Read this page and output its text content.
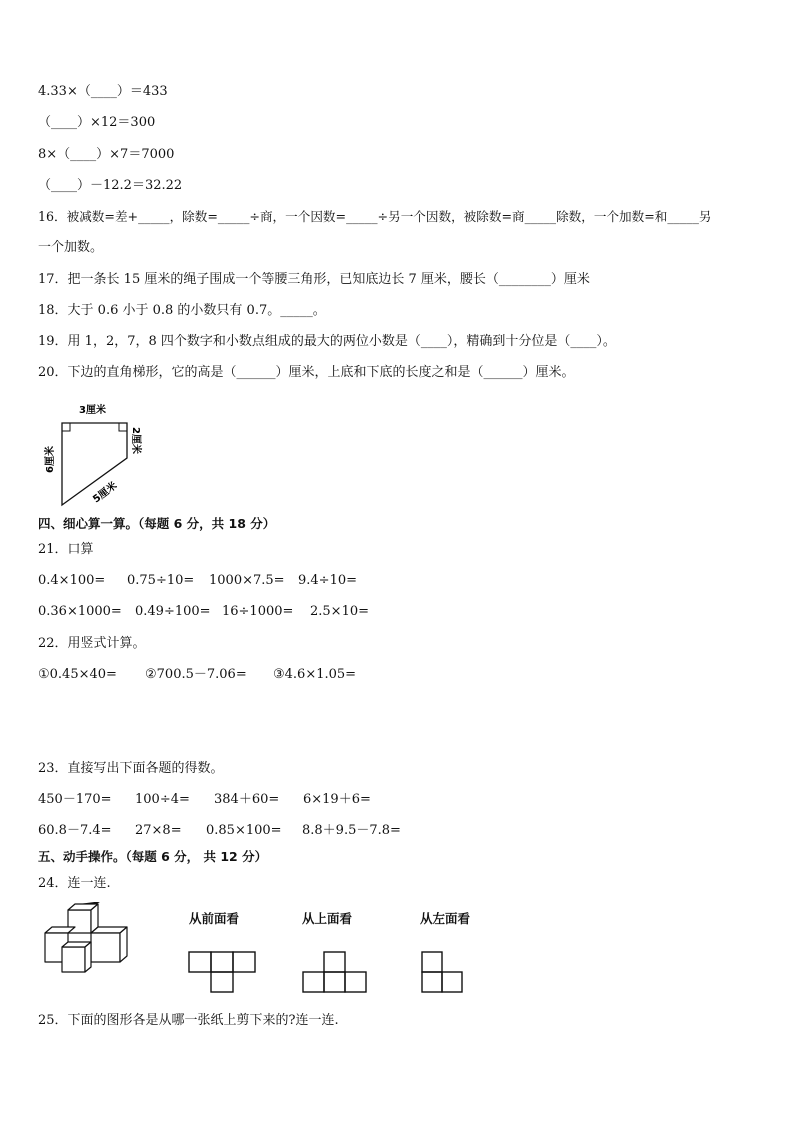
4.33×（____）＝433
（____）×12＝300
8×（____）×7＝7000
（____）－12.2＝32.22
16．被减数=差+_____，除数=_____÷商，一个因数=_____÷另一个因数，被除数=商_____除数，一个加数=和_____另
一个加数。
17．把一条长 15 厘米的绳子围成一个等腰三角形，已知底边长 7 厘米，腰长（________）厘米
18．大于 0.6 小于 0.8 的小数只有 0.7。_____。
19．用 1，2，7，8 四个数字和小数点组成的最大的两位小数是（____），精确到十分位是（____）。
20．下边的直角梯形，它的高是（______）厘米，上底和下底的长度之和是（______）厘米。
3厘米
6厘米
2厘米
5厘米
四、细心算一算。（每题 6 分，共 18 分）
21．口算
0.4×100= 0.75÷10= 1000×7.5= 9.4÷10=
0.36×1000= 0.49÷100= 16÷1000= 2.5×10=
22．用竖式计算。
①0.45×40= ②700.5－7.06= ③4.6×1.05=
23．直接写出下面各题的得数。
450－170= 100÷4= 384＋60= 6×19＋6=
60.8－7.4= 27×8= 0.85×100= 8.8＋9.5－7.8=
五、动手操作。（每题 6 分， 共 12 分）
24．连一连.
从前面看	从上面看	从左面看
25．下面的图形各是从哪一张纸上剪下来的?连一连.
